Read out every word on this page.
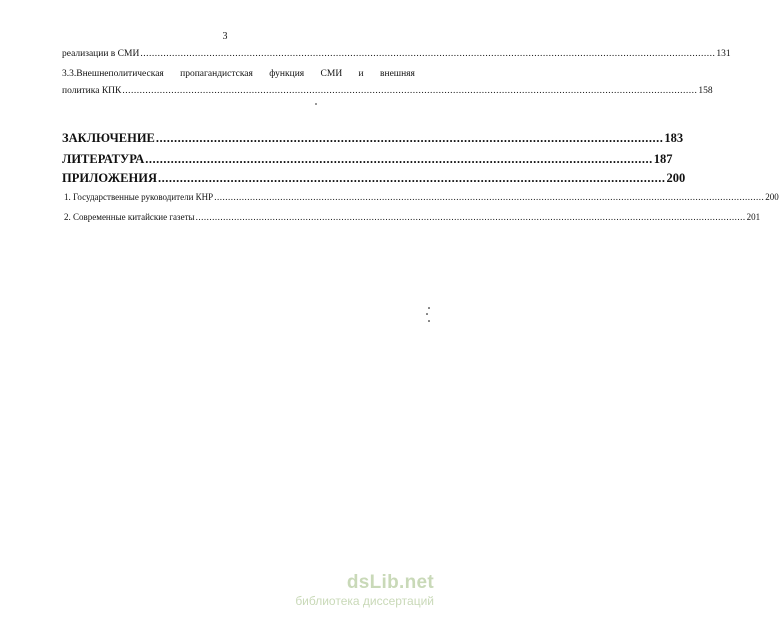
3
реализации в СМИ ........................................................................................................................................................................................................ 131
3.3.Внешнеполитическая пропагандистская функция СМИ и внешняя
политика КПК ........................................................................................................................................................................................................ 158
ЗАКЛЮЧЕНИЕ ............................................................................................................................................ 183
ЛИТЕРАТУРА ............................................................................................................................................ 187
ПРИЛОЖЕНИЯ ............................................................................................................................................ 200
1. Государственные руководители КНР ........................................................................................................................................................................................................ 200
2. Современные китайские газеты ........................................................................................................................................................................................................ 201
dsLib.net
библиотека диссертаций
